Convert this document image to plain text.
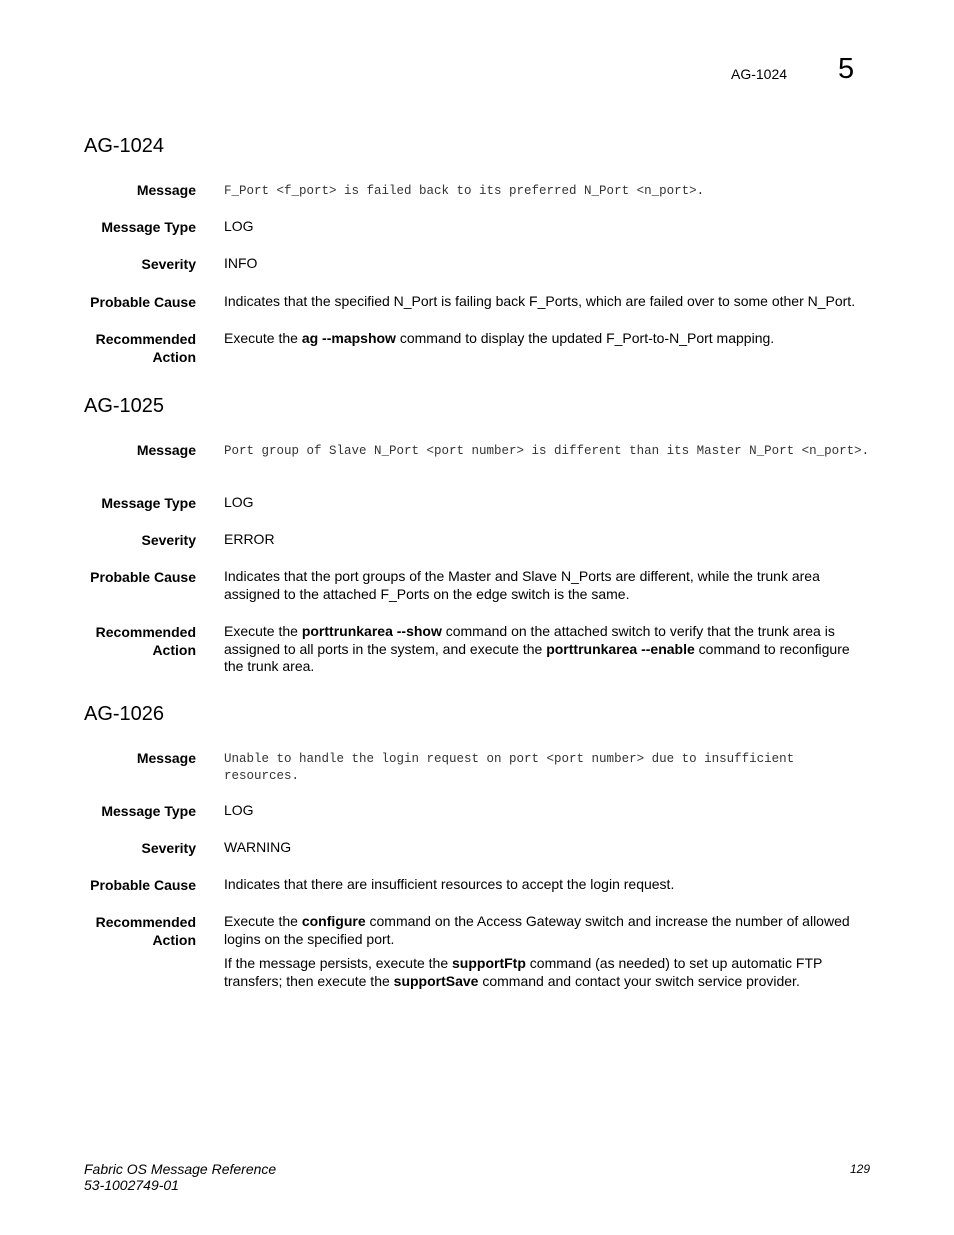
AG-1024 5
AG-1024
Message F_Port <f_port> is failed back to its preferred N_Port <n_port>.
Message Type LOG
Severity INFO
Probable Cause Indicates that the specified N_Port is failing back F_Ports, which are failed over to some other N_Port.
Recommended Action

Execute the ag --mapshow command to display the updated F_Port-to-N_Port mapping.

AG-1025
Message Port group of Slave N_Port <port number> is different than its Master N_Port <n_port>.
Message Type LOG
Severity ERROR
Probable Cause Indicates that the port groups of the Master and Slave N_Ports are different, while the trunk area assigned to the attached F_Ports on the edge switch is the same.
Recommended Action

Execute the porttrunkarea --show command on the attached switch to verify that the trunk area is assigned to all ports in the system, and execute the porttrunkarea --enable command to reconfigure the trunk area.

AG-1026
Message Unable to handle the login request on port <port number> due to insufficient resources.
Message Type LOG
Severity WARNING
Probable Cause Indicates that there are insufficient resources to accept the login request.
Recommended Action

Execute the configure command on the Access Gateway switch and increase the number of allowed logins on the specified port.

If the message persists, execute the supportFtp command (as needed) to set up automatic FTP transfers; then execute the supportSave command and contact your switch service provider.

Fabric OS Message Reference
53-1002749-01
129
